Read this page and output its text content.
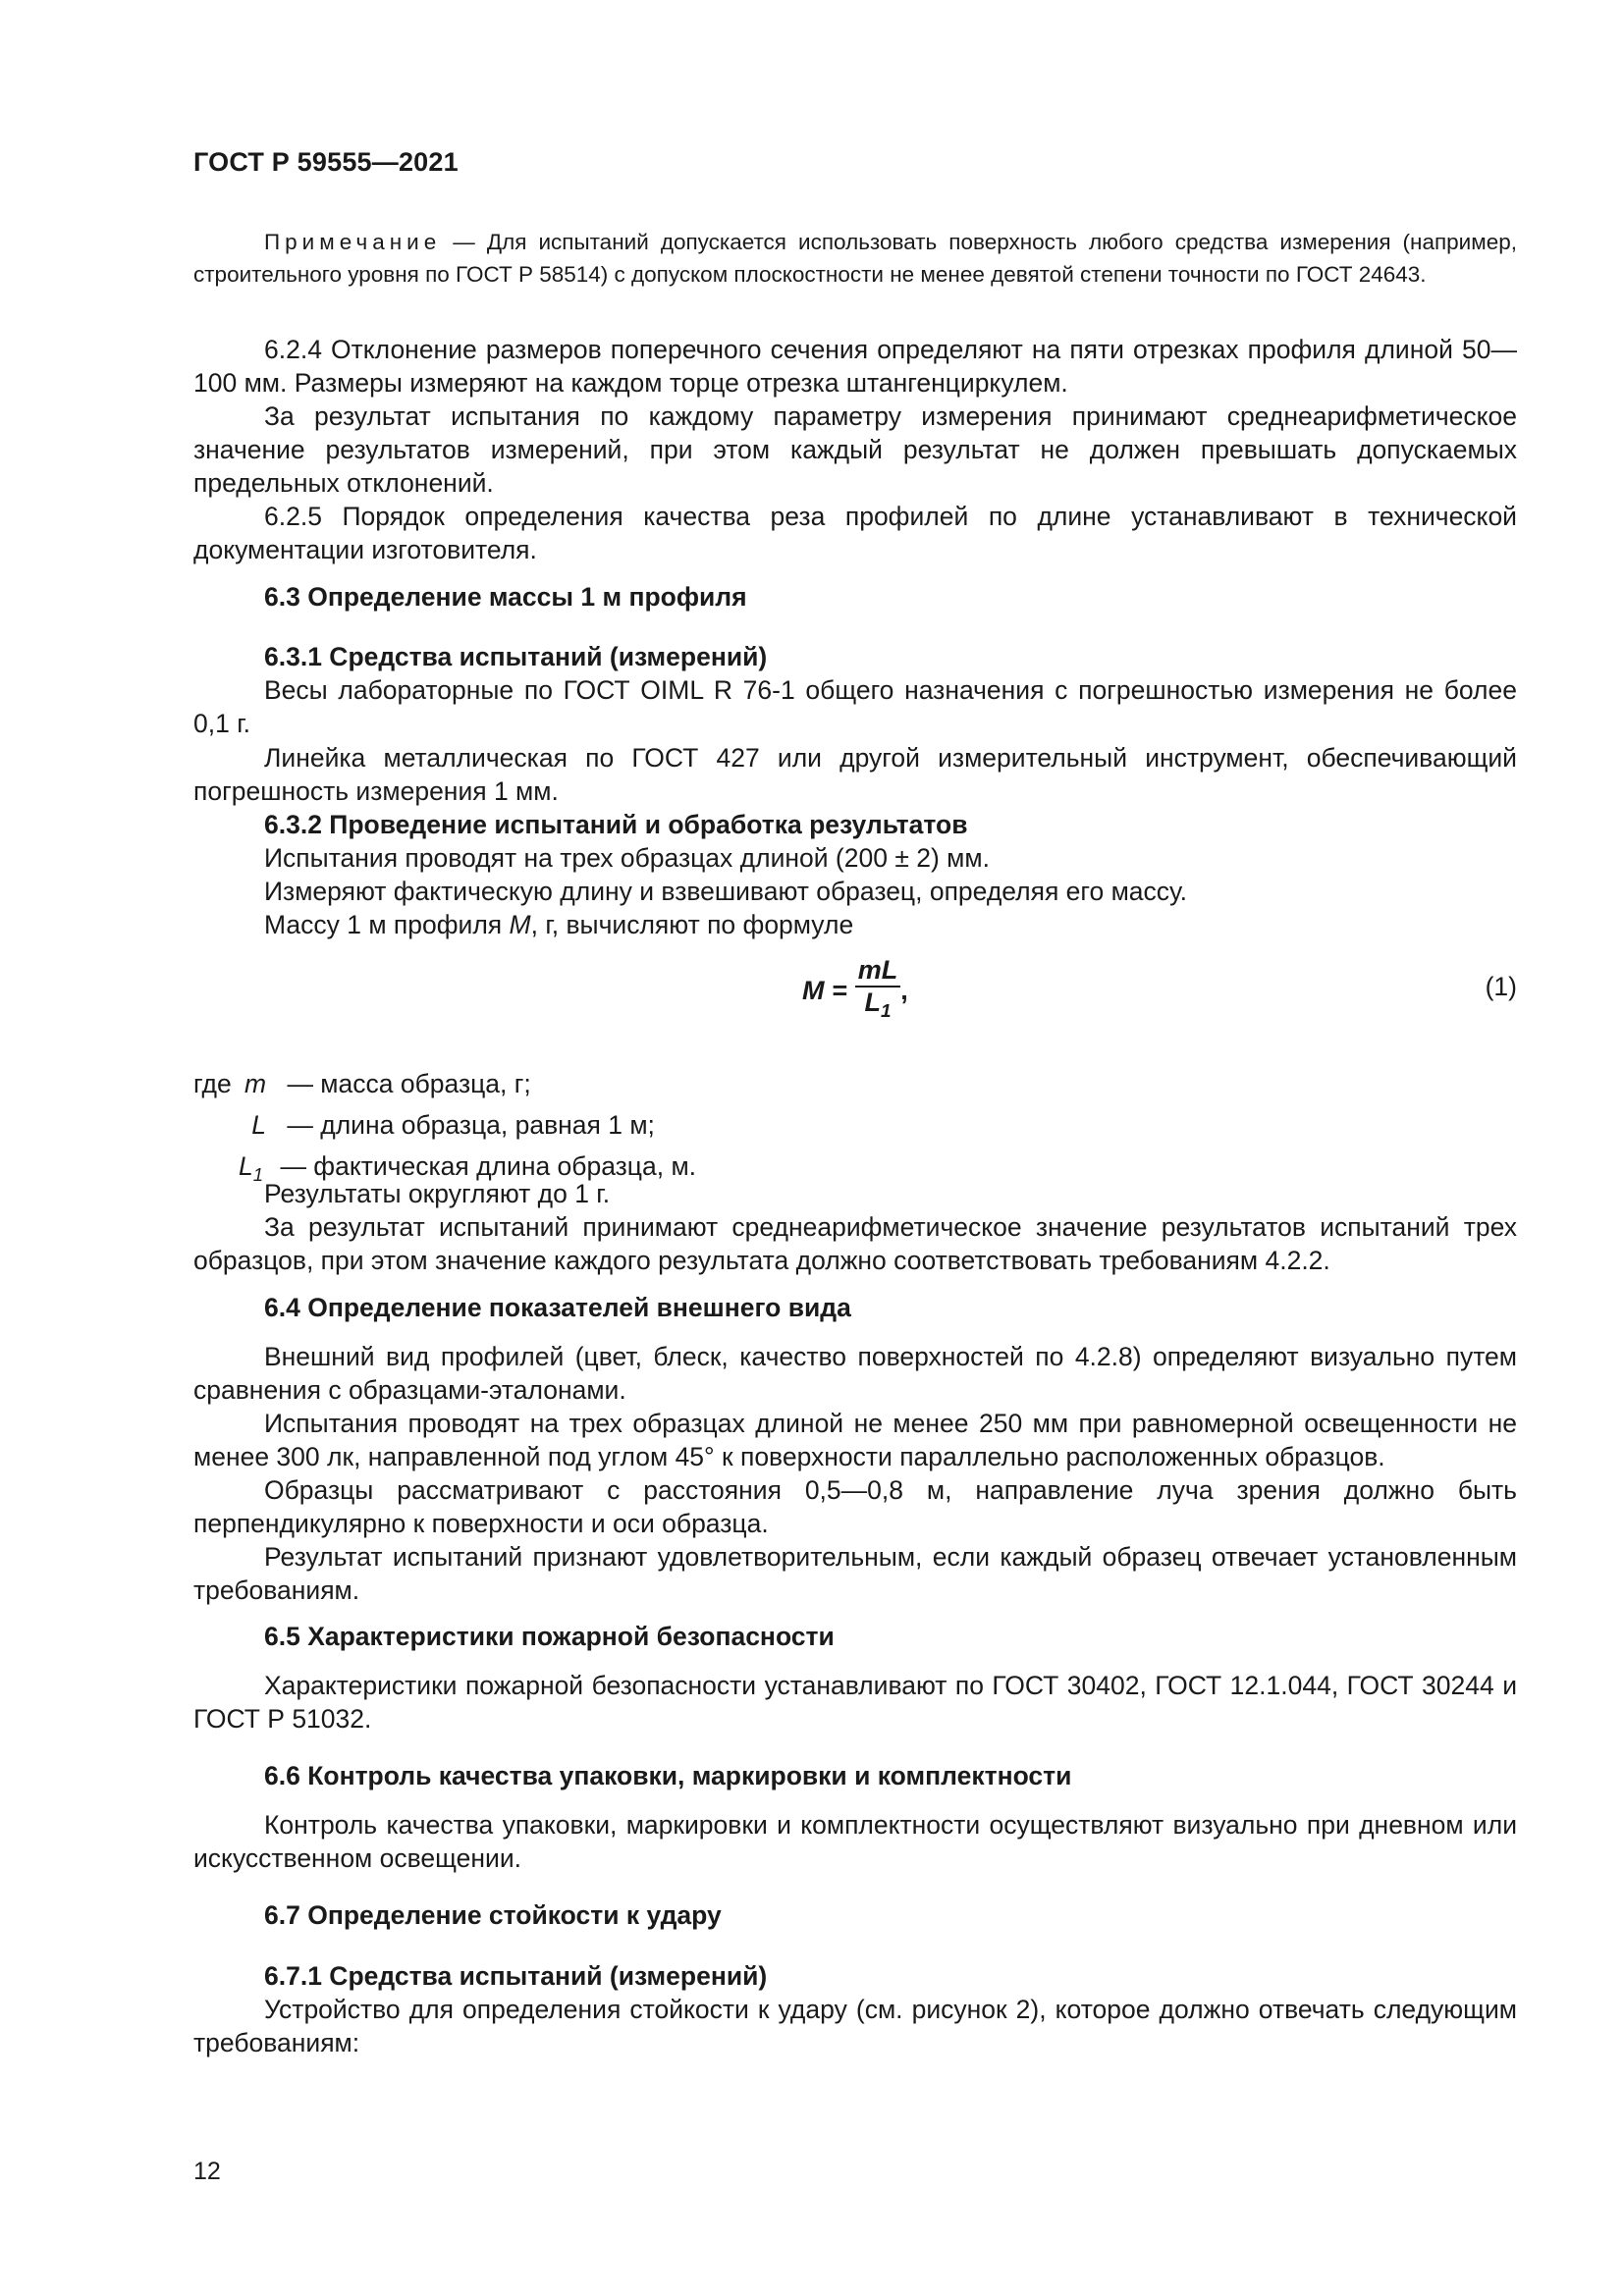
ГОСТ Р 59555—2021
Примечание — Для испытаний допускается использовать поверхность любого средства измерения (например, строительного уровня по ГОСТ Р 58514) с допуском плоскостности не менее девятой степени точности по ГОСТ 24643.
6.2.4 Отклонение размеров поперечного сечения определяют на пяти отрезках профиля длиной 50—100 мм. Размеры измеряют на каждом торце отрезка штангенциркулем.
За результат испытания по каждому параметру измерения принимают среднеарифметическое значение результатов измерений, при этом каждый результат не должен превышать допускаемых предельных отклонений.
6.2.5 Порядок определения качества реза профилей по длине устанавливают в технической документации изготовителя.
6.3 Определение массы 1 м профиля
6.3.1 Средства испытаний (измерений)
Весы лабораторные по ГОСТ OIML R 76-1 общего назначения с погрешностью измерения не более 0,1 г.
Линейка металлическая по ГОСТ 427 или другой измерительный инструмент, обеспечивающий погрешность измерения 1 мм.
6.3.2 Проведение испытаний и обработка результатов
Испытания проводят на трех образцах длиной (200 ± 2) мм.
Измеряют фактическую длину и взвешивают образец, определяя его массу.
Массу 1 м профиля M, г, вычисляют по формуле
$M = \frac{mL}{L_1}$ ,	(1)
где m — масса образца, г;
L — длина образца, равная 1 м;
$L_1$ — фактическая длина образца, м.
Результаты округляют до 1 г.
За результат испытаний принимают среднеарифметическое значение результатов испытаний трех образцов, при этом значение каждого результата должно соответствовать требованиям 4.2.2.
6.4 Определение показателей внешнего вида
Внешний вид профилей (цвет, блеск, качество поверхностей по 4.2.8) определяют визуально путем сравнения с образцами-эталонами.
Испытания проводят на трех образцах длиной не менее 250 мм при равномерной освещенности не менее 300 лк, направленной под углом 45° к поверхности параллельно расположенных образцов.
Образцы рассматривают с расстояния 0,5—0,8 м, направление луча зрения должно быть перпендикулярно к поверхности и оси образца.
Результат испытаний признают удовлетворительным, если каждый образец отвечает установленным требованиям.
6.5 Характеристики пожарной безопасности
Характеристики пожарной безопасности устанавливают по ГОСТ 30402, ГОСТ 12.1.044, ГОСТ 30244 и ГОСТ Р 51032.
6.6 Контроль качества упаковки, маркировки и комплектности
Контроль качества упаковки, маркировки и комплектности осуществляют визуально при дневном или искусственном освещении.
6.7 Определение стойкости к удару
6.7.1 Средства испытаний (измерений)
Устройство для определения стойкости к удару (см. рисунок 2), которое должно отвечать следующим требованиям:
12
